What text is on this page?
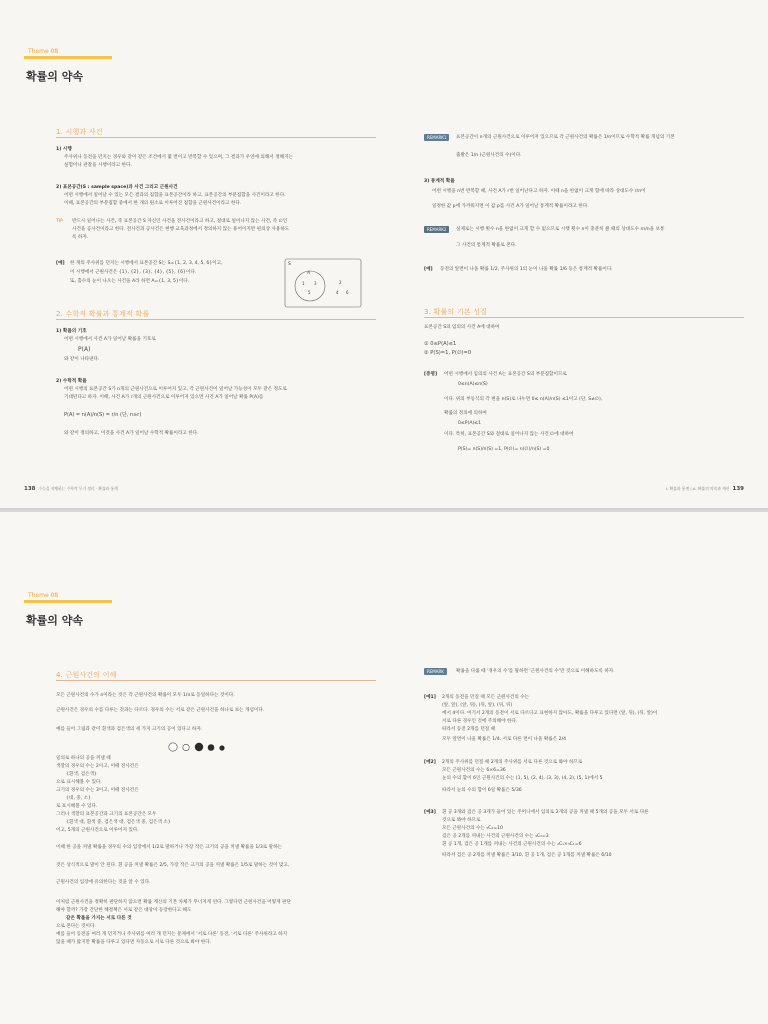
Theme 08
확률의 약속
1. 시행과 사건
1) 시행
주사위나 동전을 던지는 경우와 같이 같은 조건에서 몇 번이고 반복할 수 있으며, 그 결과가 우연에 의해서 정해지는
실험이나 관찰을 시행이라고 한다.
2) 표본공간(S : sample space)과 사건 그리고 근원사건
어떤 시행에서 일어날 수 있는 모든 결과의 집합을 표본공간이라 하고, 표본공간의 부분집합을 사건이라고 한다.
이때, 표본공간의 부분집합 중에서 한 개의 원소로 이루어진 집합을 근원사건이라고 한다.
TIP 반드시 일어나는 사건, 즉 표본공간 S 자신인 사건을 전사건이라고 하고, 절대로 일어나지 않는 사건, 즉 ∅인
사건을 공사건이라고 한다. 전사건과 공사건은 현행 교육과정에서 정의하지 않는 용어이지만 편의상 사용하도
록 하자.
[예] 한 개의 주사위를 던지는 시행에서 표본공간 S는 S={1, 2, 3, 4, 5, 6}이고,
이 시행에서 근원사건은 {1}, {2}, {3}, {4}, {5}, {6}이다.
또, 홀수의 눈이 나오는 사건을 A라 하면 A={1, 3, 5}이다.
S
A
1 3
5
2
4 6
2. 수학적 확률과 통계적 확률
1) 확률의 기호
어떤 시행에서 사건 A가 일어날 확률을 기호로
P(A)
와 같이 나타낸다.
2) 수학적 확률
어떤 시행의 표본공간 S가 n개의 근원사건으로 이루어져 있고, 각 근원사건이 일어날 가능성이 모두 같은 정도로
기대된다고 하자. 이때, 사건 A가 r개의 근원사건으로 이루어져 있으면 사건 A가 일어날 확률 P(A)를
P(A) = n(A)/n(S) = r/n (단, n≥r)
와 같이 정의하고, 이것을 사건 A가 일어날 수학적 확률이라고 한다.
138 수능을 지탱하는 수학적 무기 정리 · 확률과 통계
REMARK1	표본공간이 n개의 근원사건으로 이루어져 있으므로 각 근원사건의 확률은 1/n이므로 수학적 확률 개념의 기본
출발은 1/n (근원사건의 수)이다.
3) 통계적 확률
어떤 시행을 n번 반복할 때, 사건 A가 r번 일어난다고 하자. 이때 n을 한없이 크게 함에 따라 상대도수 r/n이
일정한 값 p에 가까워지면 이 값 p를 사건 A가 일어날 통계적 확률이라고 한다.
REMARK2	실제로는 시행 횟수 n을 한없이 크게 할 수 없으므로 시행 횟수 n이 충분히 클 때의 상대도수 rn/n을 보통
그 사건의 통계적 확률로 본다.
[예] 동전의 앞면이 나올 확률 1/2, 주사위의 1의 눈이 나올 확률 1/6 등은 통계적 확률이다.
3. 확률의 기본 성질
표본공간 S의 임의의 사건 A에 대하여
① 0≤P(A)≤1
② P(S)=1, P(∅)=0
[증명] 어떤 시행에서 임의의 사건 A는 표본공간 S의 부분집합이므로
0≤n(A)≤n(S)
이다. 위의 부등식의 각 변을 n(S)로 나누면 0≤ n(A)/n(S) ≤1이고 (단, S≠∅),
확률의 정의에 의하여
0≤P(A)≤1
이다. 특히, 표본공간 S와 절대로 일어나지 않는 사건 ∅에 대하여
P(S)= n(S)/n(S) =1, P(∅)= n(∅)/n(S) =0
I. 확률과 통계 | A. 확률의 약속과 계산 139
Theme 08
확률의 약속
4. 근원사건의 이해
모든 근원사건의 수가 n이라는 것은 각 근원사건의 확률이 모두 1/n로 동일하다는 것이다.
근원사건은 경우의 수를 다루는 것과는 다르다. 경우의 수는 서로 같은 근원사건을 하나로 보는 개념이다.
예를 들어 그림과 같이 흰색과 검은색의 세 가지 크기의 공이 있다고 하자.
일의로 하나의 공을 꺼낼 때
색깔의 경우의 수는 2이고, 이때 전사건은
{흰색, 검은색}
으로 표시해볼 수 있다.
크기의 경우의 수는 3이고, 이때 전사건은
{대, 중, 소}
로 표시해볼 수 있다.
그러나 색깔의 표본공간과 크기의 표본공간은 모두
{흰색 대, 흰색 중, 검은색 대, 검은색 중, 검은색 소}
이고, 5개의 근원사건으로 이루어져 있다.
이때 한 공을 꺼낼 확률을 경우의 수의 입장에서 1/2로 말하거나 가장 작은 크기의 공을 꺼낼 확률을 1/3로 말하는
것은 상식적으로 말이 안 된다. 흰 공을 꺼낼 확률은 2/5, 가장 작은 크기의 공을 꺼낼 확률은 1/5로 말하는 것이 맞고,
근원사건의 입장에 유의한다는 것을 알 수 있다.
이처럼 근원사건을 정확히 판단하지 않으면 확률 계산의 기본 차체가 무너지게 된다. 그렇다면 근원사건을 어떻게 판단
해야 할까? 가장 간단한 해결책은 서로 같은 대상이 등장한다고 해도
같은 확률을 가지는 서로 다른 것
으로 본다는 것이다.
예를 들어 동전을 여러 개 던지거나 주사위를 여러 개 던지는 문제에서 '서로 다른' 동전, '서로 다른' 주사위라고 하지
않을 때가 많지만 확률을 다루고 있다면 자동으로 서로 다른 것으로 봐야 한다.
REMARK	확률을 다룰 때 '경우의 수'를 말하면 '근원사건의 수'만 것으로 이해하도록 하자.
[예1] 2개의 동전을 던질 때 모든 근원사건의 수는
(앞, 앞), (앞, 뒤), (뒤, 앞), (뒤, 뒤)
에서 4이다. 여기서 2개의 동전이 서로 다르다고 표현하지 않아도, 확률을 다루고 있다면 (앞, 뒤), (뒤, 앞)이
서로 다른 경우인 것에 주의해야 한다.
따라서 동전 2개를 던질 때
모두 앞면이 나올 확률은 1/4, 서로 다른 면이 나올 확률은 2/4
[예2] 2개의 주사위를 던질 때 2개의 주사위를 서로 다른 것으로 봐야 하므로
모든 근원사건의 수는 6×6=36
눈의 수의 합이 6인 근원사건의 수는 (1, 5), (2, 4), (3, 3), (4, 2), (5, 1)에서 5
따라서 눈의 수의 합이 6일 확률은 5/36
[예3] 흰 공 3개와 검은 공 3개가 들어 있는 주머니에서 임의로 2개의 공을 꺼낼 때 5개의 공을 모두 서로 다른
것으로 봐야 하므로
모든 근원사건의 수는 ₅C₂=10
검은 공 2개를 꺼내는 사건의 근원사건의 수는 ₃C₂=3
흰 공 1개, 검은 공 1개를 꺼내는 사건의 근원사건의 수는 ₂C₁×₃C₁=6
따라서 검은 공 2개를 꺼낼 확률은 3/10, 흰 공 1개, 검은 공 1개를 꺼낼 확률은 6/10
